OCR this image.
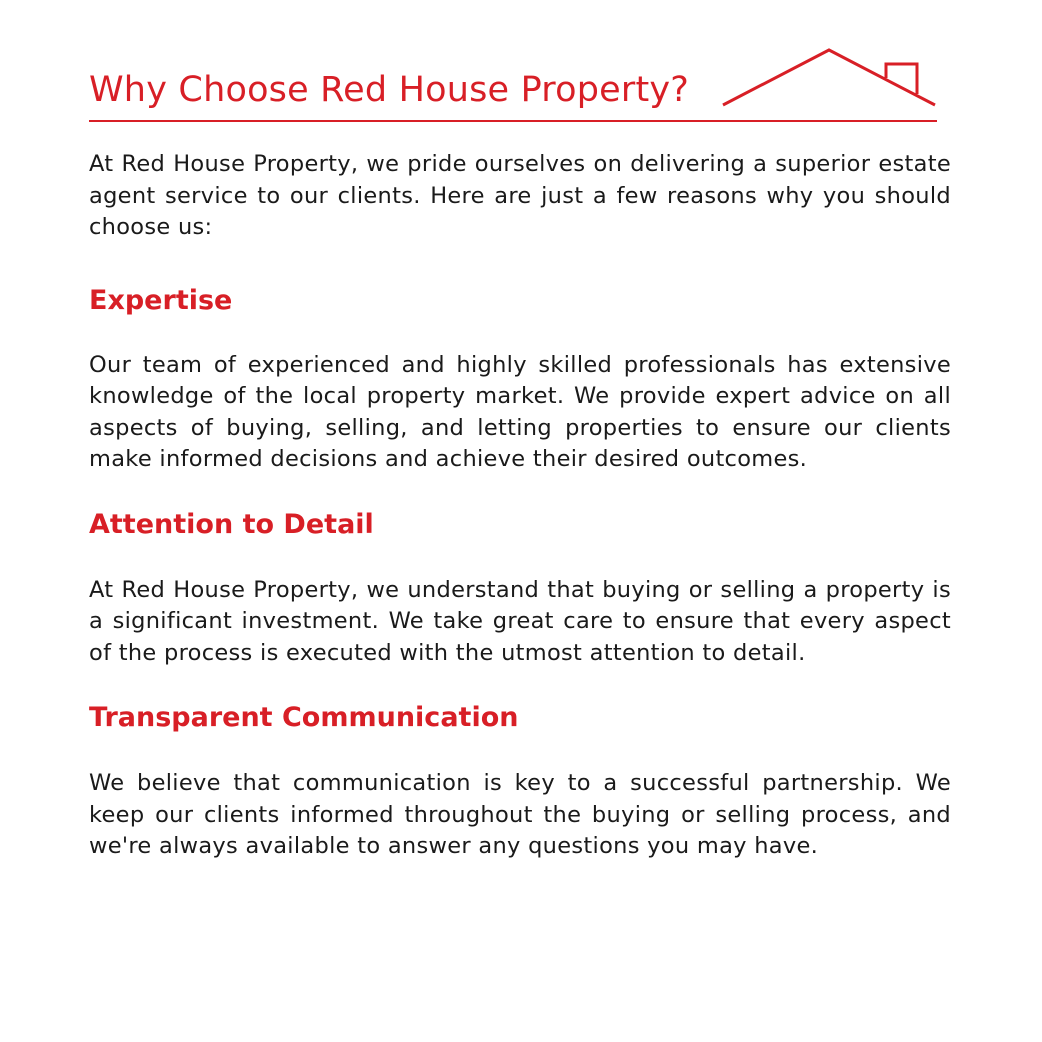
Why Choose Red House Property?

At Red House Property, we pride ourselves on delivering a superior estate agent service to our clients. Here are just a few reasons why you should choose us:

Expertise

Our team of experienced and highly skilled professionals has extensive knowledge of the local property market. We provide expert advice on all aspects of buying, selling, and letting properties to ensure our clients make informed decisions and achieve their desired outcomes.

Attention to Detail

At Red House Property, we understand that buying or selling a property is a significant investment. We take great care to ensure that every aspect of the process is executed with the utmost attention to detail.

Transparent Communication

We believe that communication is key to a successful partnership. We keep our clients informed throughout the buying or selling process, and we're always available to answer any questions you may have.
